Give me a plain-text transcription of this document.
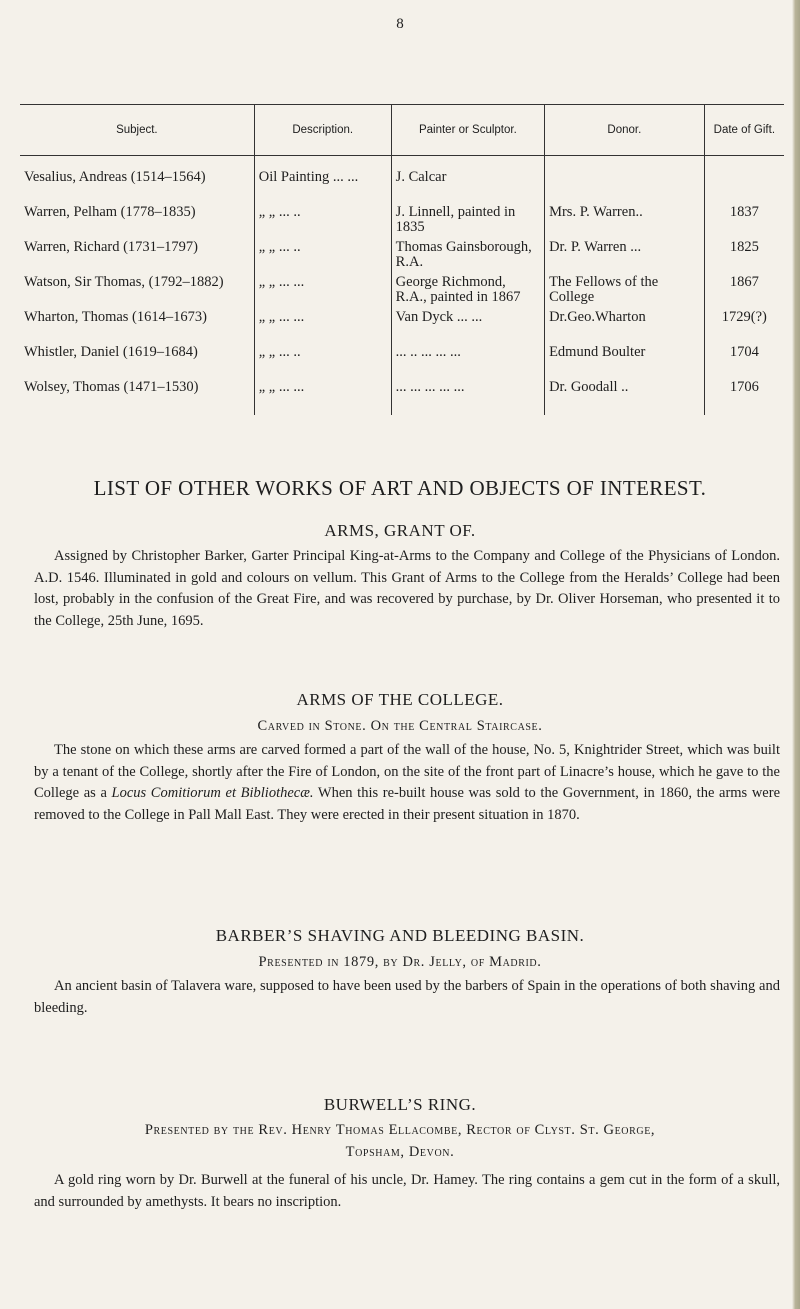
8
Subject.	Description.	Painter or Sculptor.	Donor.	Date of Gift.
Vesalius, Andreas (1514–1564)	Oil Painting ... ...	J. Calcar		
Warren, Pelham (1778–1835)	„ „ ... ..	J. Linnell, painted in 1835	Mrs. P. Warren..	1837
Warren, Richard (1731–1797)	„ „ ... ..	Thomas Gainsborough, R.A.	Dr. P. Warren ...	1825
Watson, Sir Thomas, (1792–1882)	„ „ ... ...	George Richmond, R.A., painted in 1867	The Fellows of the College	1867
Wharton, Thomas (1614–1673)	„ „ ... ...	Van Dyck ... ...	Dr.Geo.Wharton	1729(?)
Whistler, Daniel (1619–1684)	„ „ ... ..	... .. ... ... ...	Edmund Boulter	1704
Wolsey, Thomas (1471–1530)	„ „ ... ...	... ... ... ... ...	Dr. Goodall ..	1706
LIST OF OTHER WORKS OF ART AND OBJECTS OF INTEREST.
ARMS, GRANT OF.
Assigned by Christopher Barker, Garter Principal King-at-Arms to the Company and College of the Physicians of London. A.D. 1546. Illuminated in gold and colours on vellum. This Grant of Arms to the College from the Heralds’ College had been lost, probably in the confusion of the Great Fire, and was recovered by purchase, by Dr. Oliver Horseman, who presented it to the College, 25th June, 1695.
ARMS OF THE COLLEGE.
Carved in Stone. On the Central Staircase.
The stone on which these arms are carved formed a part of the wall of the house, No. 5, Knightrider Street, which was built by a tenant of the College, shortly after the Fire of London, on the site of the front part of Linacre’s house, which he gave to the College as a Locus Comitiorum et Bibliothecæ. When this re-built house was sold to the Government, in 1860, the arms were removed to the College in Pall Mall East. They were erected in their present situation in 1870.
BARBER’S SHAVING AND BLEEDING BASIN.
Presented in 1879, by Dr. Jelly, of Madrid.
An ancient basin of Talavera ware, supposed to have been used by the barbers of Spain in the operations of both shaving and bleeding.
BURWELL’S RING.
Presented by the Rev. Henry Thomas Ellacombe, Rector of Clyst. St. George,
Topsham, Devon.
A gold ring worn by Dr. Burwell at the funeral of his uncle, Dr. Hamey. The ring contains a gem cut in the form of a skull, and surrounded by amethysts. It bears no inscription.
